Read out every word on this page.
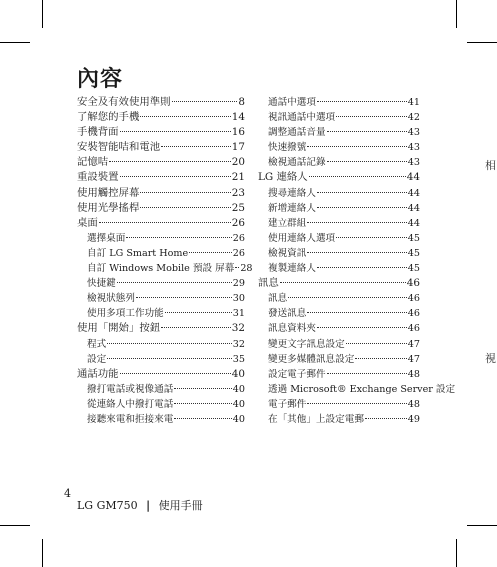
內容
安全及有效使用準則	8
了解您的手機	14
手機背面	16
安裝智能咭和電池	17
記憶咭	20
重設裝置	21
使用觸控屏幕	23
使用光學搖桿	25
桌面	26
選擇桌面	26
自訂 LG Smart Home	26
自訂 Windows Mobile 預設 屏幕 28
快捷鍵	29
檢視狀態列	30
使用多項工作功能	31
使用「開始」按鈕	32
程式	32
設定	35
通話功能	40
撥打電話或視像通話	40
從連絡人中撥打電話	40
接聽來電和拒接來電	40
通話中選項	41
視訊通話中選項	42
調整通話音量	43
快速撥號	43
檢視通話記錄	43
LG 連絡人	44
搜尋連絡人	44
新增連絡人	44
建立群組	44
使用連絡人選項	45
檢視資訊	45
複製連絡人	45
訊息	46
訊息	46
發送訊息	46
訊息資料夾	46
變更文字訊息設定	47
變更多媒體訊息設定	47
設定電子郵件	48
透過 Microsoft® Exchange Server 設定
電子郵件	48
在「其他」上設定電郵	49
相
視
4
LG GM750 | 使用手冊
